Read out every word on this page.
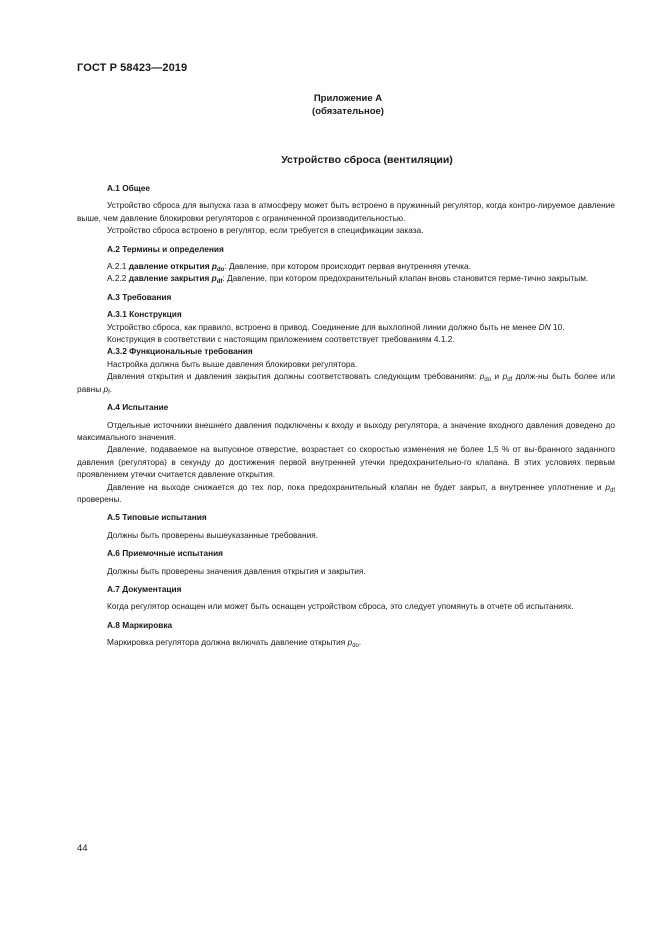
ГОСТ Р 58423—2019
Приложение А
(обязательное)
Устройство сброса (вентиляции)

А.1 Общее

Устройство сброса для выпуска газа в атмосферу может быть встроено в пружинный регулятор, когда контро-лируемое давление выше, чем давление блокировки регуляторов с ограниченной производительностью.

Устройство сброса встроено в регулятор, если требуется в спецификации заказа.

А.2 Термины и определения

А.2.1 давление открытия $p_{do}$: Давление, при котором происходит первая внутренняя утечка.

А.2.2 давление закрытия $p_{df}$: Давление, при котором предохранительный клапан вновь становится герме-тично закрытым.

А.3 Требования

А.3.1 Конструкция

Устройство сброса, как правило, встроено в привод. Соединение для выхлопной линии должно быть не менее DN 10.

Конструкция в соответствии с настоящим приложением соответствует требованиям 4.1.2.

А.3.2 Функциональные требования

Настройка должна быть выше давления блокировки регулятора.

Давления открытия и давления закрытия должны соответствовать следующим требованиям: $p_{do}$ и $p_{df}$ долж-ны быть более или равны $p_f$.

А.4 Испытание

Отдельные источники внешнего давления подключены к входу и выходу регулятора, а значение входного давления доведено до максимального значения.

Давление, подаваемое на выпускное отверстие, возрастает со скоростью изменения не более 1,5 % от вы-бранного заданного давления (регулятора) в секунду до достижения первой внутренней утечки предохранительно-го клапана. В этих условиях первым проявлением утечки считается давление открытия.

Давление на выходе снижается до тех пор, пока предохранительный клапан не будет закрыт, а внутреннее уплотнение и $p_{df}$ проверены.

А.5 Типовые испытания

Должны быть проверены вышеуказанные требования.

А.6 Приемочные испытания

Должны быть проверены значения давления открытия и закрытия.

А.7 Документация

Когда регулятор оснащен или может быть оснащен устройством сброса, это следует упомянуть в отчете об испытаниях.

А.8 Маркировка

Маркировка регулятора должна включать давление открытия $p_{do}$.

44
